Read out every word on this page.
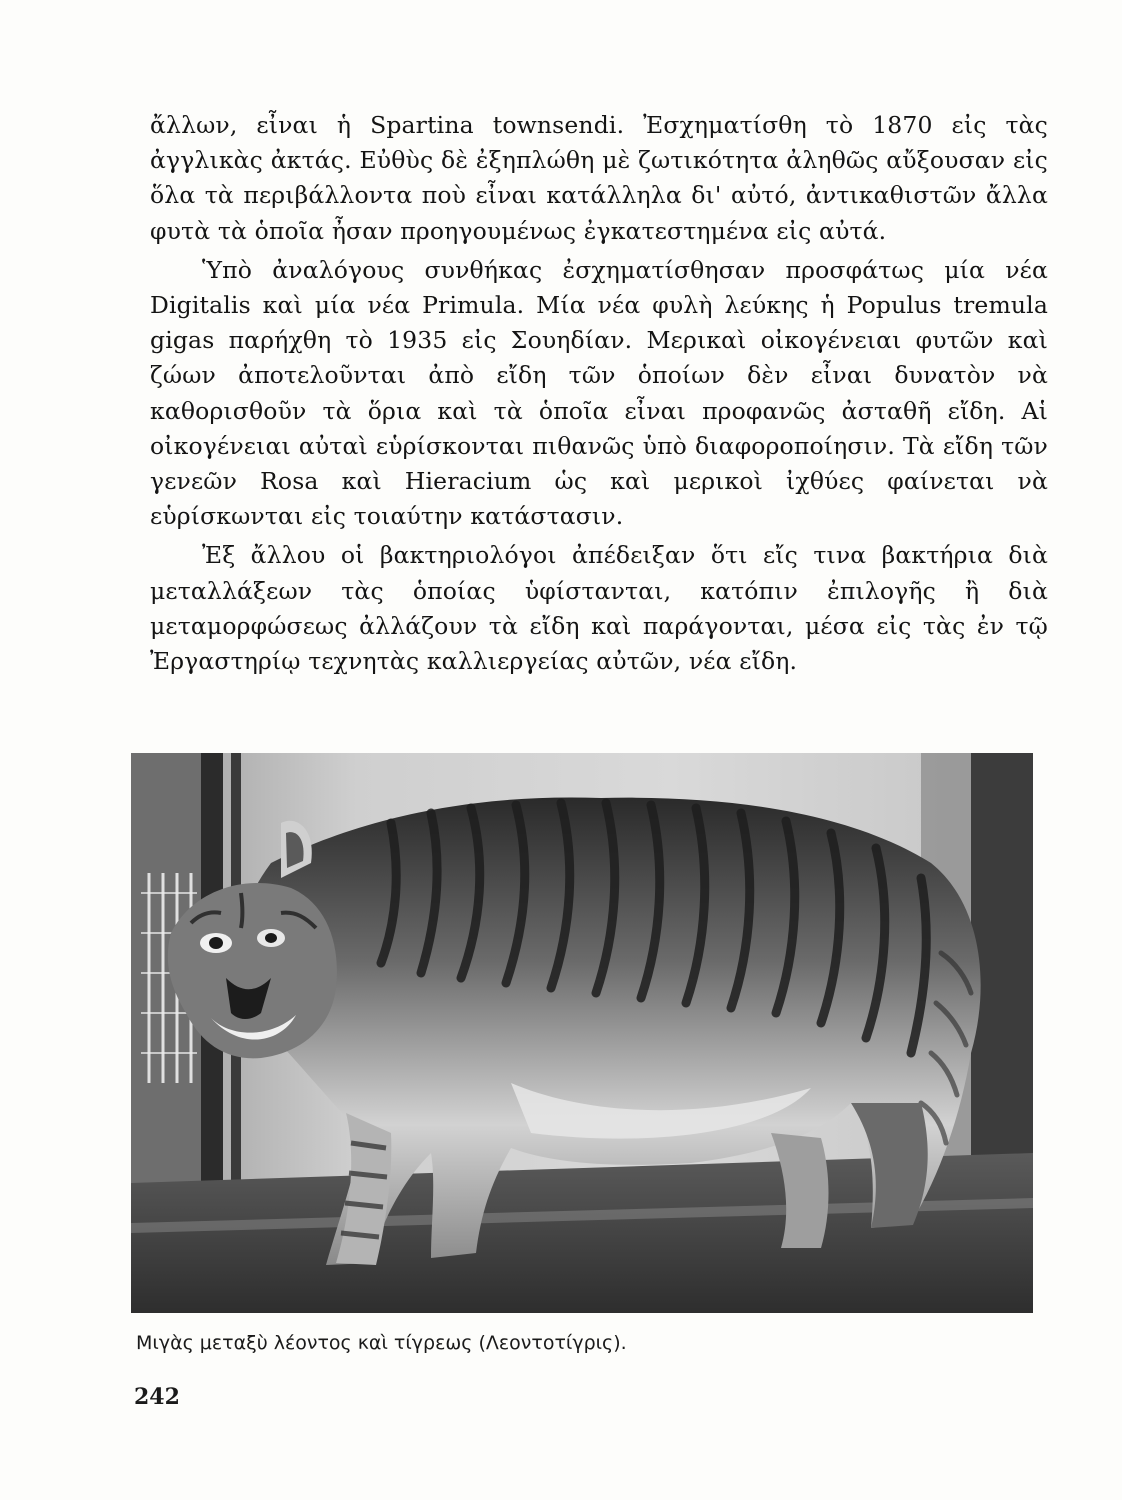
ἄλλων, εἶναι ἡ Spartina townsendi. Ἐσχηματίσθη τὸ 1870 εἰς τὰς ἀγγλικὰς ἀκτάς. Εὐθὺς δὲ ἐξηπλώθη μὲ ζωτικότητα ἀληθῶς αὔξουσαν εἰς ὅλα τὰ περιβάλλοντα ποὺ εἶναι κατάλληλα δι' αὐτό, ἀντικαθιστῶν ἄλλα φυτὰ τὰ ὁποῖα ἦσαν προηγουμένως ἐγκατεστημένα εἰς αὐτά.

Ὑπὸ ἀναλόγους συνθήκας ἐσχηματίσθησαν προσφάτως μία νέα Digitalis καὶ μία νέα Primula. Μία νέα φυλὴ λεύκης ἡ Populus tremula gigas παρήχθη τὸ 1935 εἰς Σουηδίαν. Μερικαὶ οἰκογένειαι φυτῶν καὶ ζώων ἀποτελοῦνται ἀπὸ εἴδη τῶν ὁποίων δὲν εἶναι δυνατὸν νὰ καθορισθοῦν τὰ ὅρια καὶ τὰ ὁποῖα εἶναι προφανῶς ἀσταθῆ εἴδη. Αἱ οἰκογένειαι αὐταὶ εὑρίσκονται πιθανῶς ὑπὸ διαφοροποίησιν. Τὰ εἴδη τῶν γενεῶν Rosa καὶ Hieracium ὡς καὶ μερικοὶ ἰχθύες φαίνεται νὰ εὑρίσκωνται εἰς τοιαύτην κατάστασιν.

Ἐξ ἄλλου οἱ βακτηριολόγοι ἀπέδειξαν ὅτι εἴς τινα βακτήρια διὰ μεταλλάξεων τὰς ὁποίας ὑφίστανται, κατόπιν ἐπιλογῆς ἢ διὰ μεταμορφώσεως ἀλλάζουν τὰ εἴδη καὶ παράγονται, μέσα εἰς τὰς ἐν τῷ Ἐργαστηρίῳ τεχνητὰς καλλιεργείας αὐτῶν, νέα εἴδη.

Μιγὰς μεταξὺ λέοντος καὶ τίγρεως (Λεοντοτίγρις).
242
